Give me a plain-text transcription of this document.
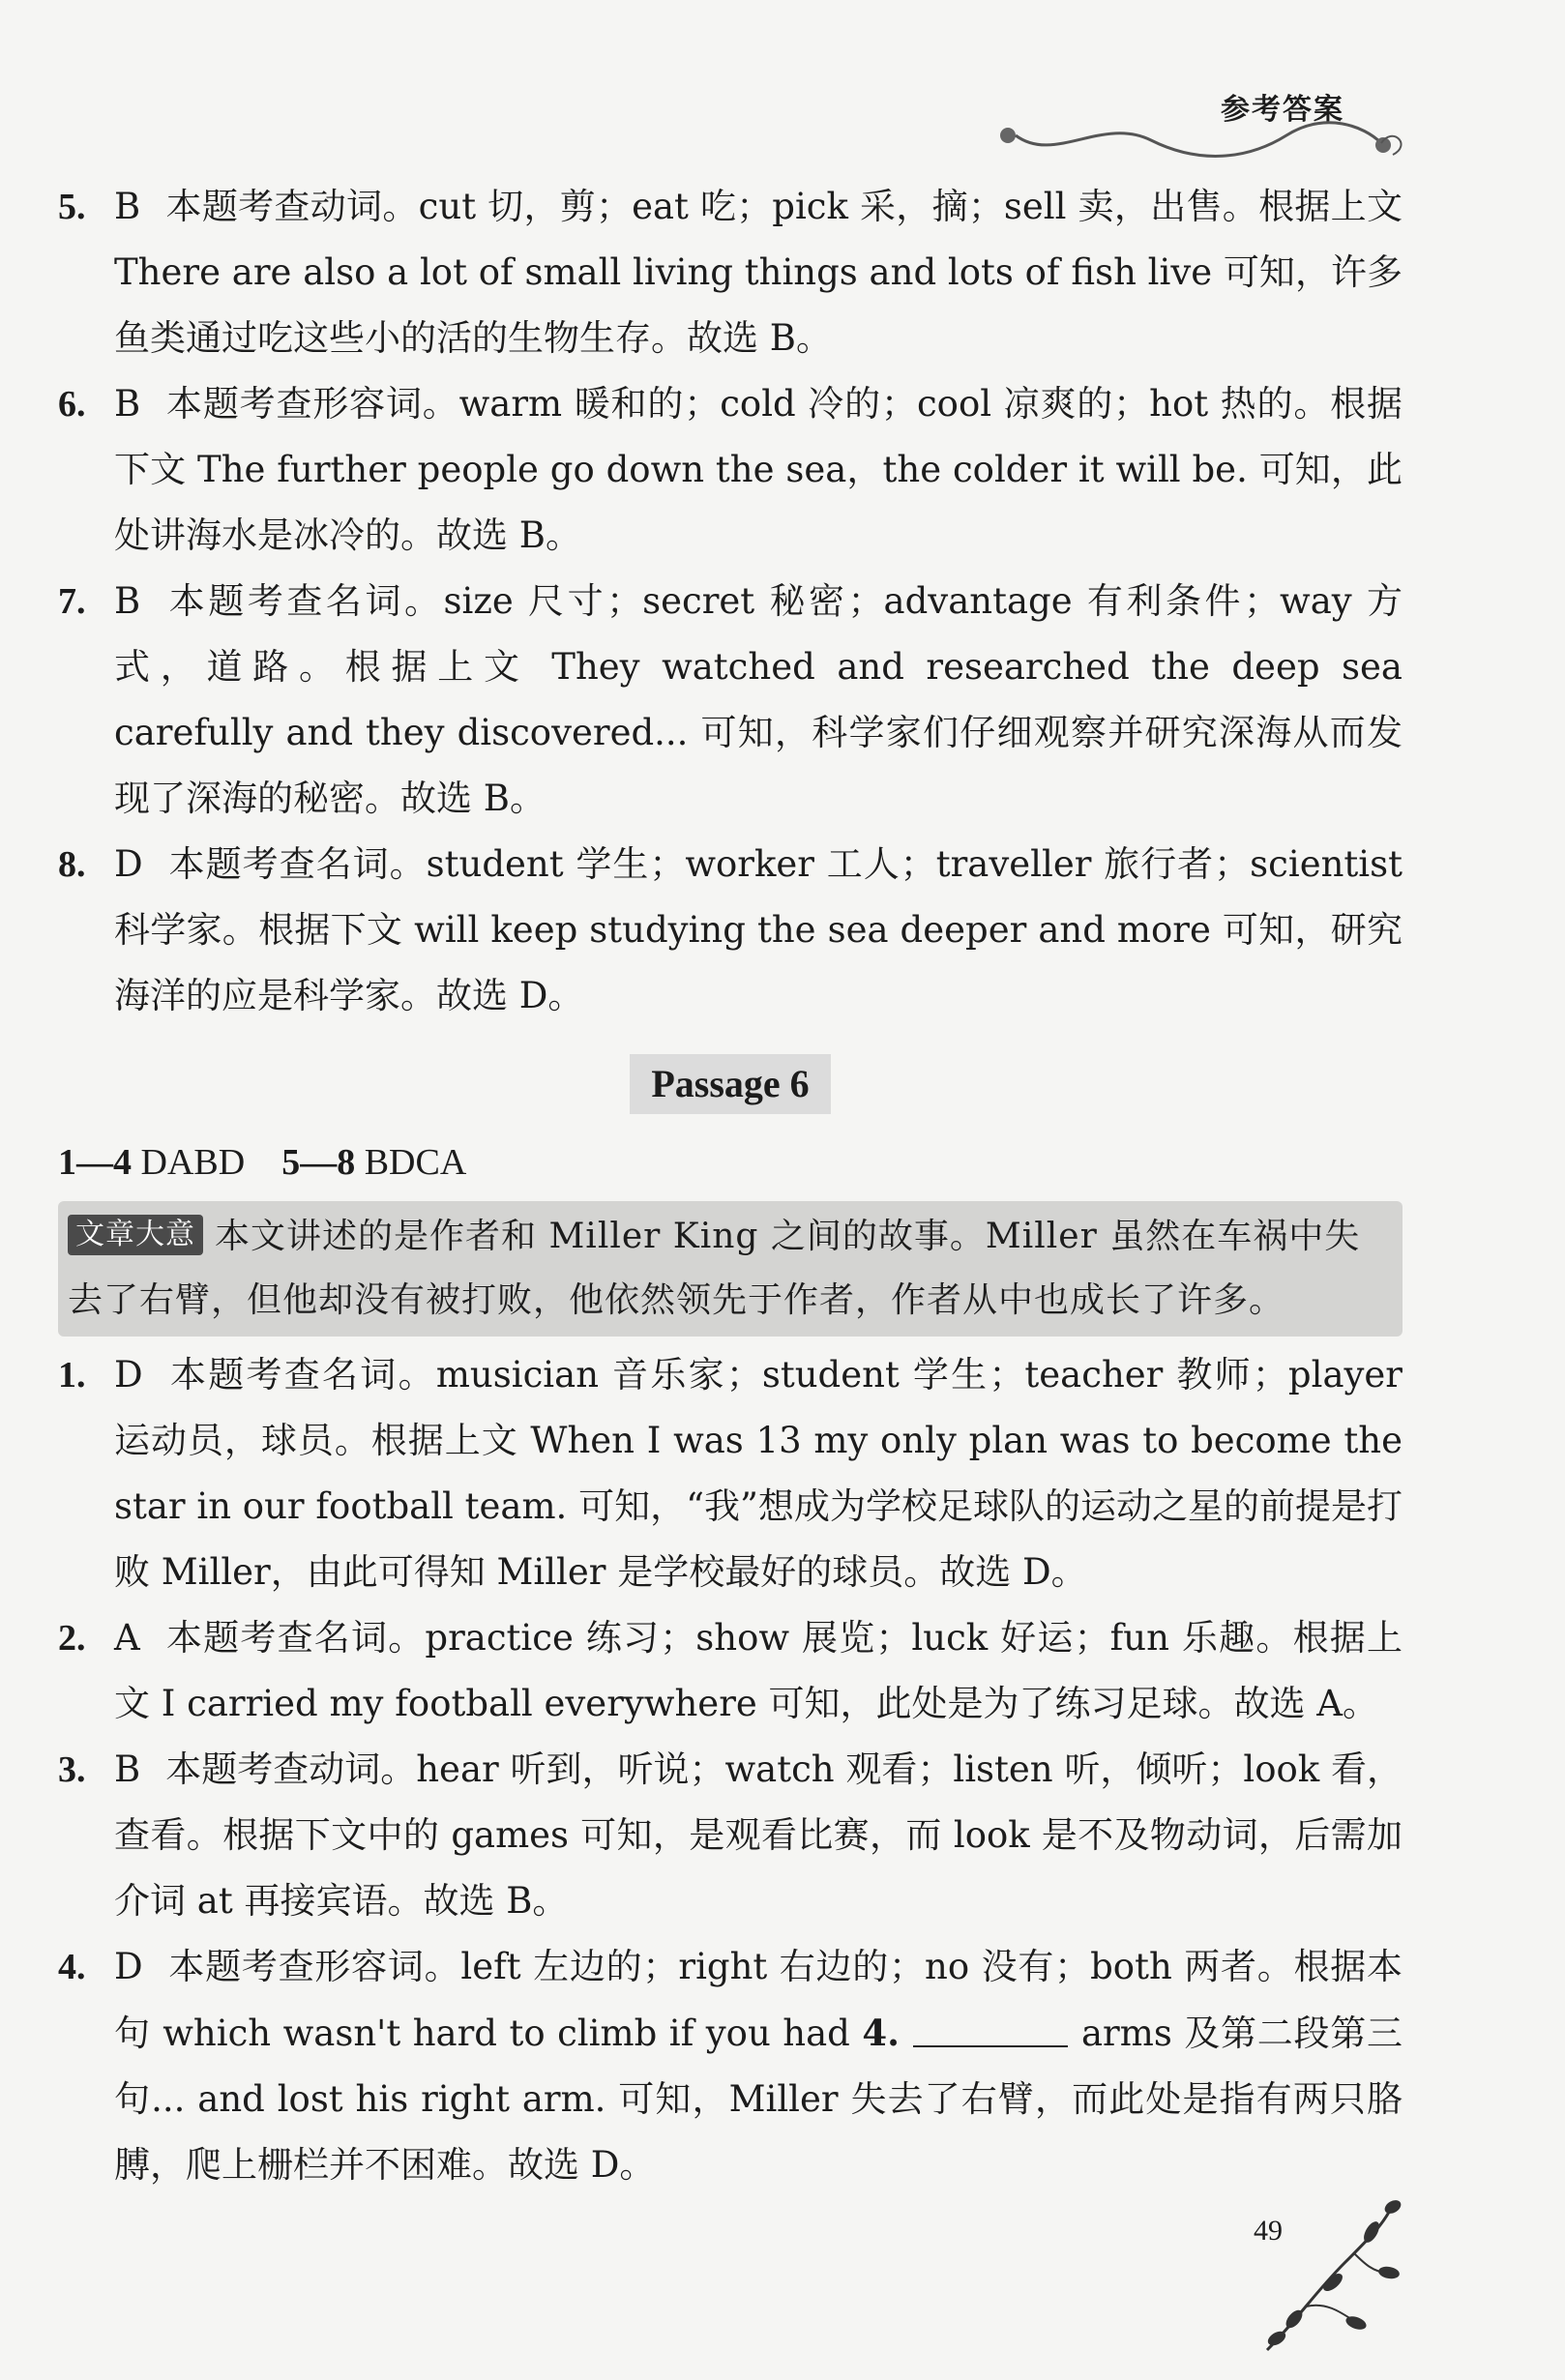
参考答案
5. B 本题考查动词。cut 切，剪；eat 吃；pick 采，摘；sell 卖，出售。根据上文 There are also a lot of small living things and lots of fish live 可知，许多鱼类通过吃这些小的活的生物生存。故选 B。
6. B 本题考查形容词。warm 暖和的；cold 冷的；cool 凉爽的；hot 热的。根据下文 The further people go down the sea，the colder it will be. 可知，此处讲海水是冰冷的。故选 B。
7. B 本题考查名词。size 尺寸；secret 秘密；advantage 有利条件；way 方式，道路。根据上文 They watched and researched the deep sea carefully and they discovered... 可知，科学家们仔细观察并研究深海从而发现了深海的秘密。故选 B。
8. D 本题考查名词。student 学生；worker 工人；traveller 旅行者；scientist 科学家。根据下文 will keep studying the sea deeper and more 可知，研究海洋的应是科学家。故选 D。
Passage 6
1—4 DABD 5—8 BDCA
文章大意 本文讲述的是作者和 Miller King 之间的故事。Miller 虽然在车祸中失去了右臂，但他却没有被打败，他依然领先于作者，作者从中也成长了许多。
1. D 本题考查名词。musician 音乐家；student 学生；teacher 教师；player 运动员，球员。根据上文 When I was 13 my only plan was to become the star in our football team. 可知，“我”想成为学校足球队的运动之星的前提是打败 Miller，由此可得知 Miller 是学校最好的球员。故选 D。
2. A 本题考查名词。practice 练习；show 展览；luck 好运；fun 乐趣。根据上文 I carried my football everywhere 可知，此处是为了练习足球。故选 A。
3. B 本题考查动词。hear 听到，听说；watch 观看；listen 听，倾听；look 看，查看。根据下文中的 games 可知，是观看比赛，而 look 是不及物动词，后需加介词 at 再接宾语。故选 B。
4. D 本题考查形容词。left 左边的；right 右边的；no 没有；both 两者。根据本句 which wasn't hard to climb if you had 4.	arms 及第二段第三句... and lost his right arm. 可知，Miller 失去了右臂，而此处是指有两只胳膊，爬上栅栏并不困难。故选 D。
49
